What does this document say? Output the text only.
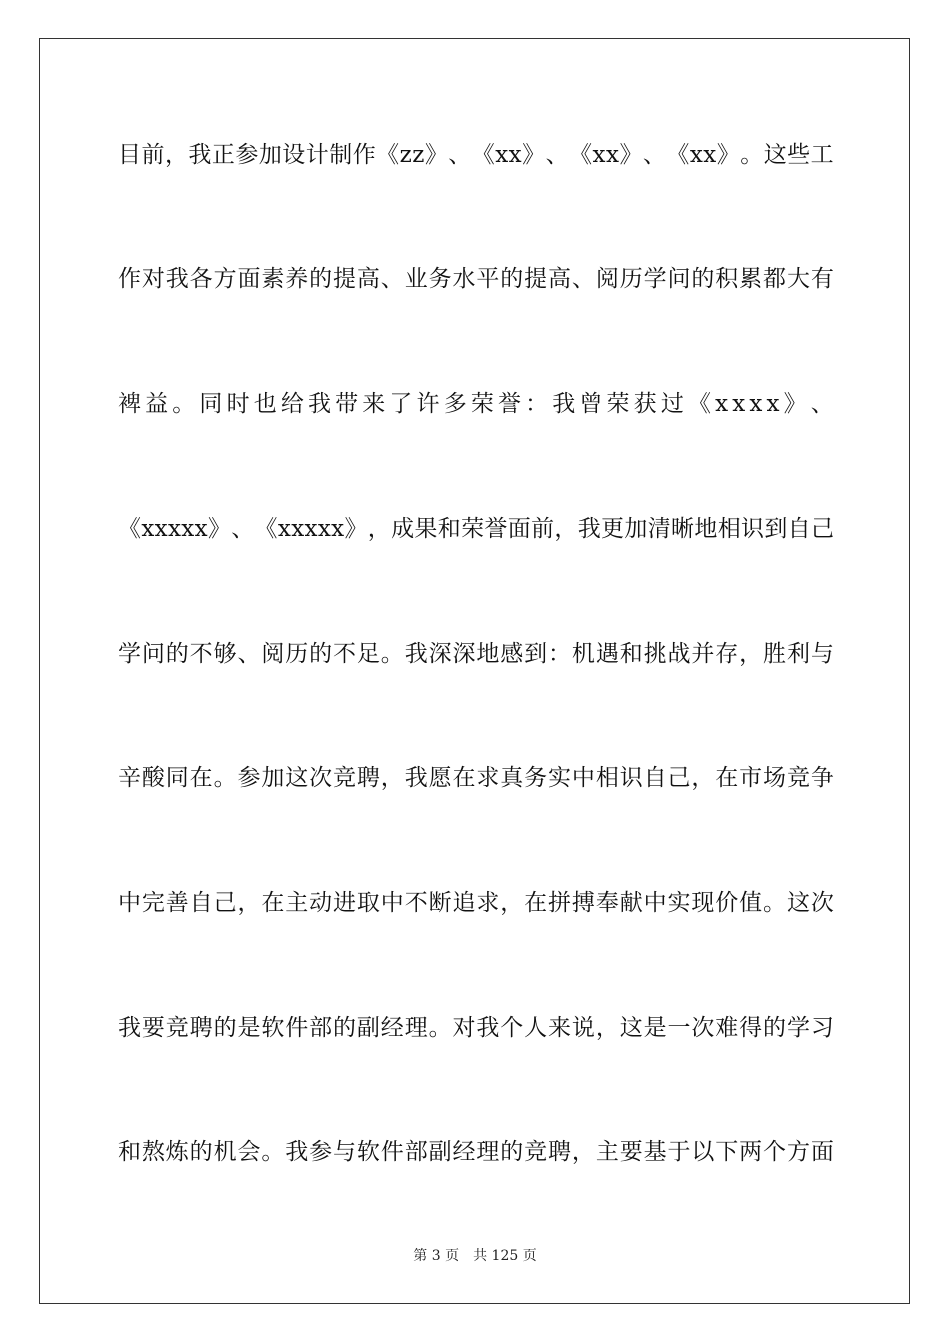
目 前 ， 我 正 参 加 设 计 制 作 《 z z 》 、 《 x x 》 、 《 x x 》 、 《 x x 》 。 这 些 工
作 对 我 各 方 面 素 养 的 提 高 、 业 务 水 平 的 提 高 、 阅 历 学 问 的 积 累 都 大 有
裨 益 。 同 时 也 给 我 带 来 了 许 多 荣 誉 ： 我 曾 荣 获 过 《 x x x x 》 、
《 x x x x x 》 、 《 x x x x x 》 ， 成 果 和 荣 誉 面 前 ， 我 更 加 清 晰 地 相 识 到 自 己
学 问 的 不 够 、 阅 历 的 不 足 。 我 深 深 地 感 到 ： 机 遇 和 挑 战 并 存 ， 胜 利 与
辛 酸 同 在 。 参 加 这 次 竞 聘 ， 我 愿 在 求 真 务 实 中 相 识 自 己 ， 在 市 场 竞 争
中 完 善 自 己 ， 在 主 动 进 取 中 不 断 追 求 ， 在 拼 搏 奉 献 中 实 现 价 值 。 这 次
我 要 竞 聘 的 是 软 件 部 的 副 经 理 。 对 我 个 人 来 说 ， 这 是 一 次 难 得 的 学 习
和 熬 炼 的 机 会 。 我 参 与 软 件 部 副 经 理 的 竞 聘 ， 主 要 基 于 以 下 两 个 方 面
第 3 页 共 125 页
